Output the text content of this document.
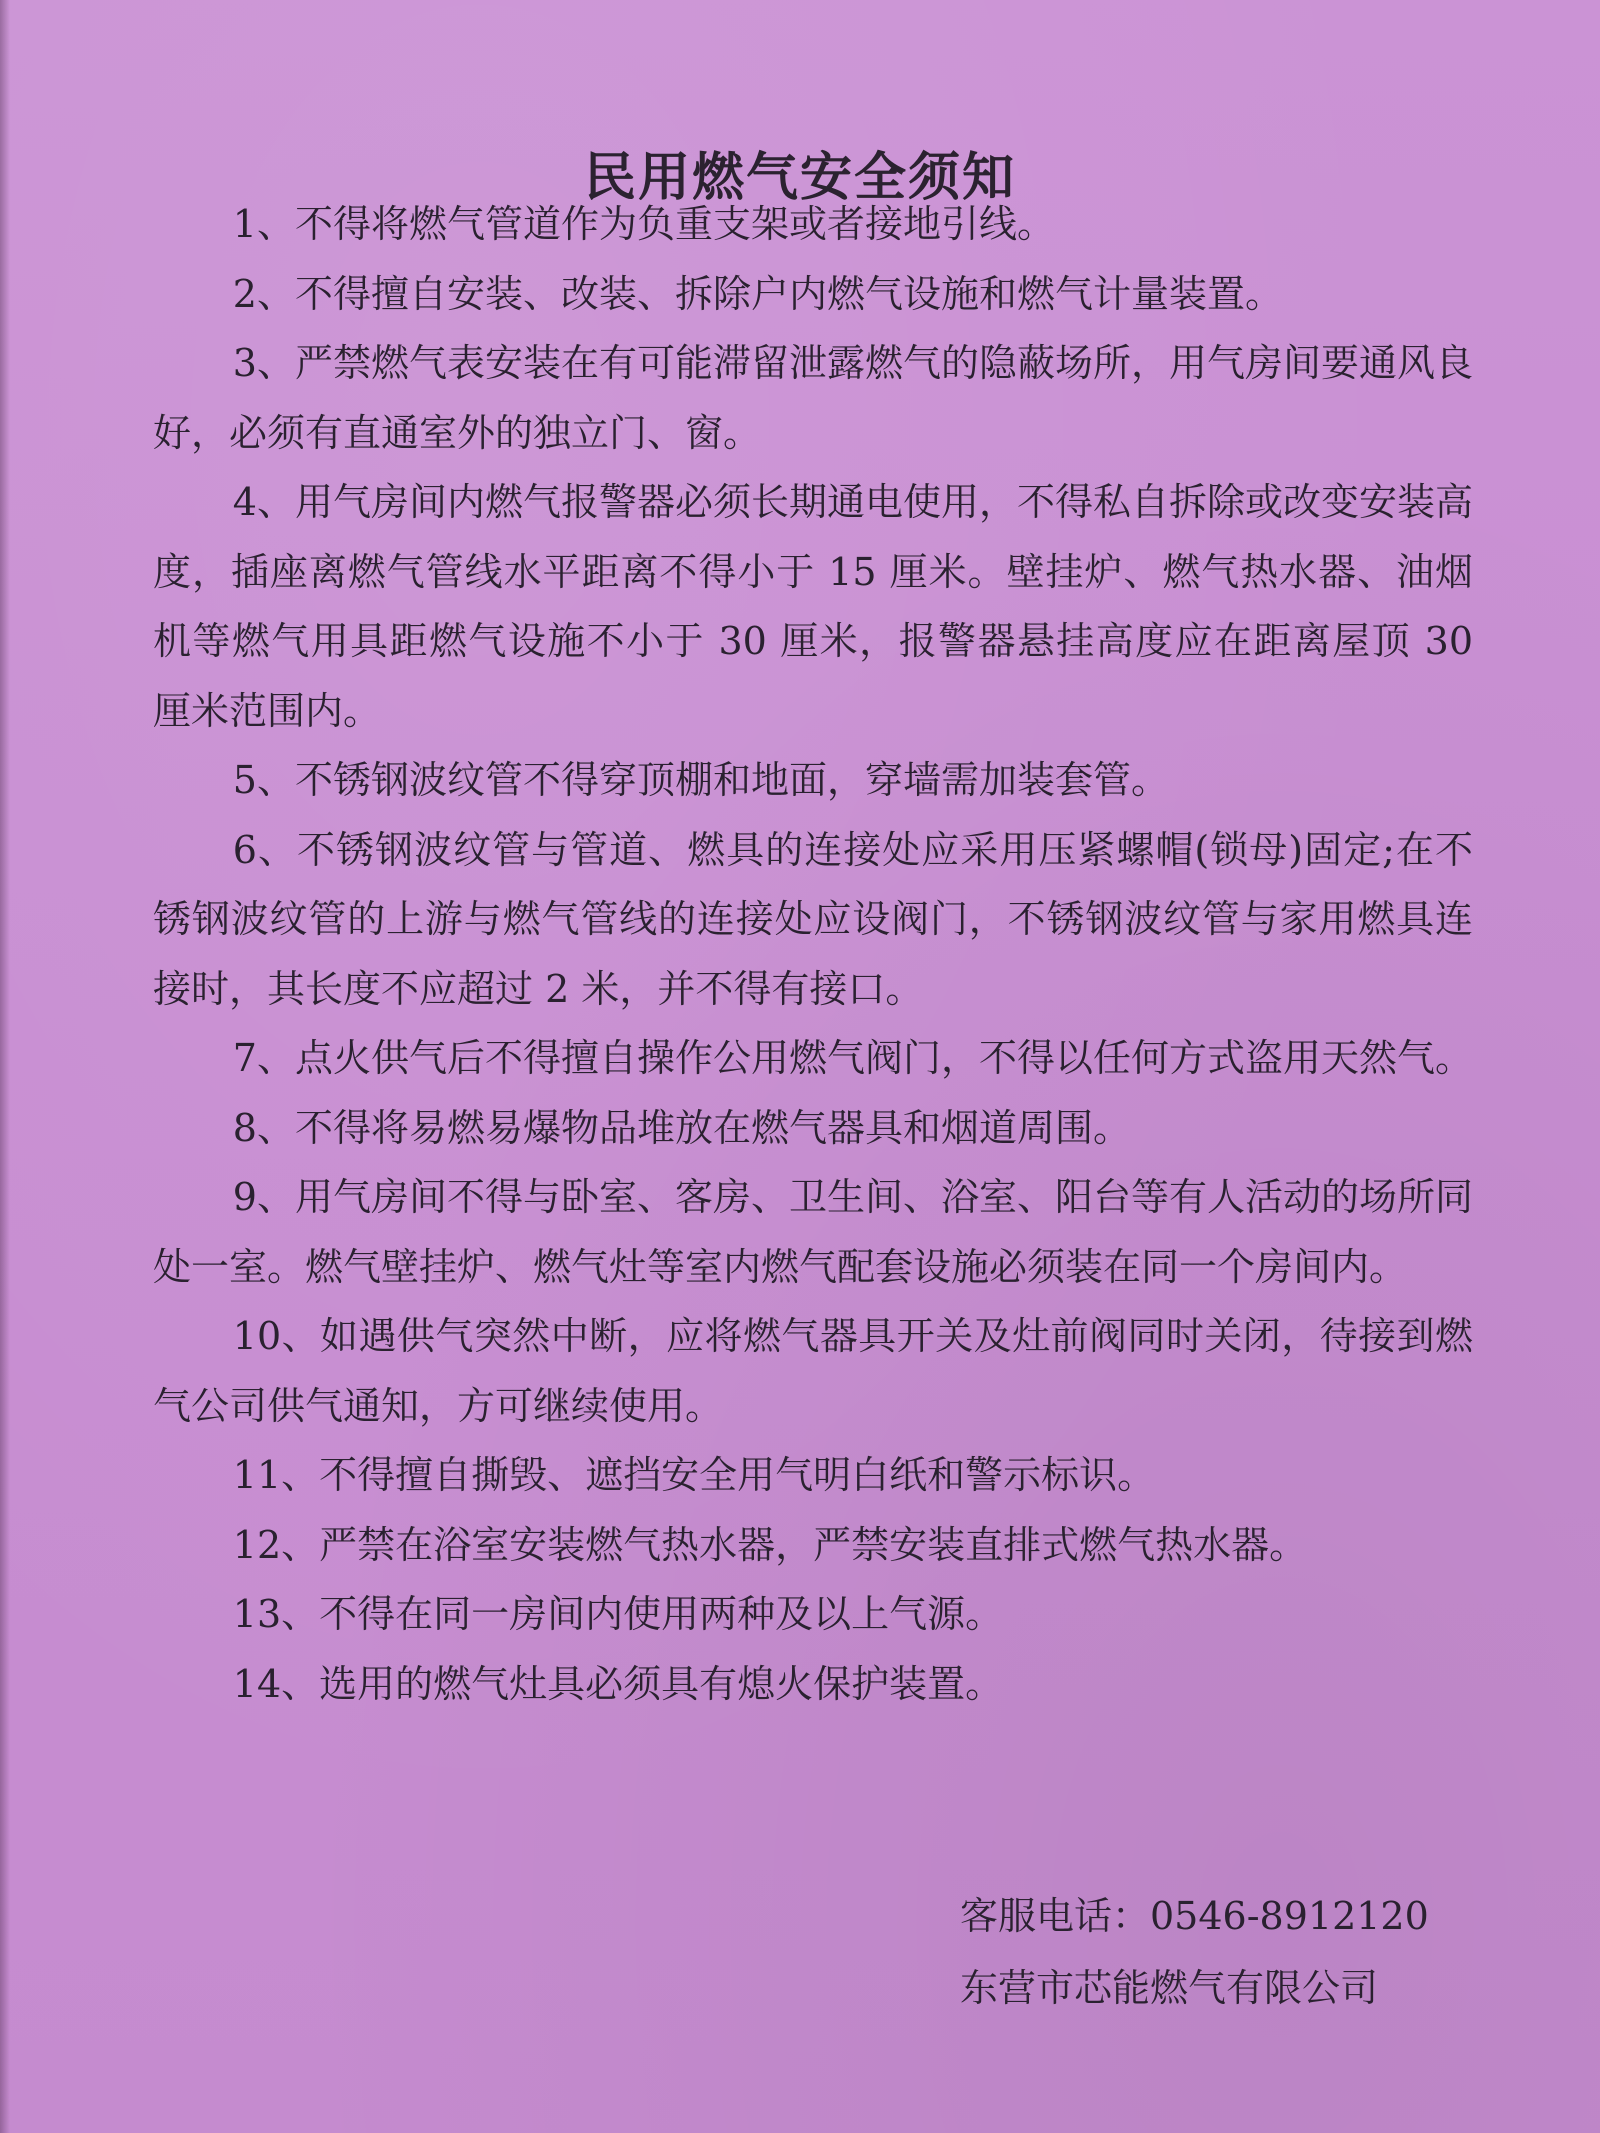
民用燃气安全须知

1、不得将燃气管道作为负重支架或者接地引线。

2、不得擅自安装、改装、拆除户内燃气设施和燃气计量装置。

3、严禁燃气表安装在有可能滞留泄露燃气的隐蔽场所，用气房间要通风良好，必须有直通室外的独立门、窗。

4、用气房间内燃气报警器必须长期通电使用，不得私自拆除或改变安装高度，插座离燃气管线水平距离不得小于 15 厘米。壁挂炉、燃气热水器、油烟机等燃气用具距燃气设施不小于 30 厘米，报警器悬挂高度应在距离屋顶 30 厘米范围内。

5、不锈钢波纹管不得穿顶棚和地面，穿墙需加装套管。

6、不锈钢波纹管与管道、燃具的连接处应采用压紧螺帽(锁母)固定;在不锈钢波纹管的上游与燃气管线的连接处应设阀门，不锈钢波纹管与家用燃具连接时，其长度不应超过 2 米，并不得有接口。

7、点火供气后不得擅自操作公用燃气阀门，不得以任何方式盗用天然气。

8、不得将易燃易爆物品堆放在燃气器具和烟道周围。

9、用气房间不得与卧室、客房、卫生间、浴室、阳台等有人活动的场所同处一室。燃气壁挂炉、燃气灶等室内燃气配套设施必须装在同一个房间内。

10、如遇供气突然中断，应将燃气器具开关及灶前阀同时关闭，待接到燃气公司供气通知，方可继续使用。

11、不得擅自撕毁、遮挡安全用气明白纸和警示标识。

12、严禁在浴室安装燃气热水器，严禁安装直排式燃气热水器。

13、不得在同一房间内使用两种及以上气源。

14、选用的燃气灶具必须具有熄火保护装置。

客服电话：0546-8912120

东营市芯能燃气有限公司
